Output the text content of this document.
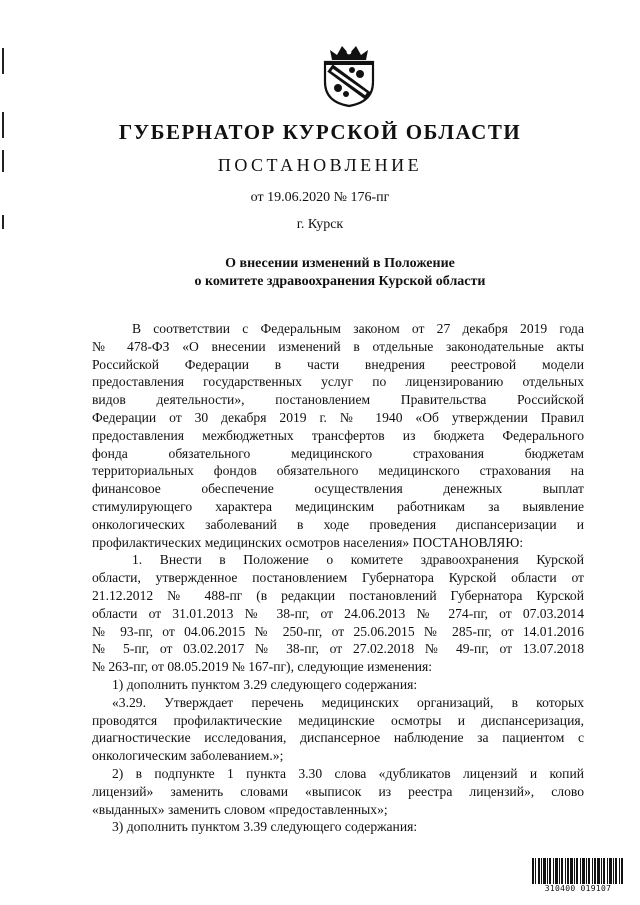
ГУБЕРНАТОР КУРСКОЙ ОБЛАСТИ
ПОСТАНОВЛЕНИЕ
от 19.06.2020 № 176-пг
г. Курск
О внесении изменений в Положение
о комитете здравоохранения Курской области
В соответствии с Федеральным законом от 27 декабря 2019 года
№ 478-ФЗ «О внесении изменений в отдельные законодательные акты
Российской Федерации в части внедрения реестровой модели
предоставления государственных услуг по лицензированию отдельных
видов деятельности», постановлением Правительства Российской
Федерации от 30 декабря 2019 г. № 1940 «Об утверждении Правил
предоставления межбюджетных трансфертов из бюджета Федерального
фонда обязательного медицинского страхования бюджетам
территориальных фондов обязательного медицинского страхования на
финансовое обеспечение осуществления денежных выплат
стимулирующего характера медицинским работникам за выявление
онкологических заболеваний в ходе проведения диспансеризации и
профилактических медицинских осмотров населения» ПОСТАНОВЛЯЮ:
1. Внести в Положение о комитете здравоохранения Курской
области, утвержденное постановлением Губернатора Курской области от
21.12.2012 № 488-пг (в редакции постановлений Губернатора Курской
области от 31.01.2013 № 38-пг, от 24.06.2013 № 274-пг, от 07.03.2014
№ 93-пг, от 04.06.2015 № 250-пг, от 25.06.2015 № 285-пг, от 14.01.2016
№ 5-пг, от 03.02.2017 № 38-пг, от 27.02.2018 № 49-пг, от 13.07.2018
№ 263-пг, от 08.05.2019 № 167-пг), следующие изменения:
1) дополнить пунктом 3.29 следующего содержания:
«3.29. Утверждает перечень медицинских организаций, в которых
проводятся профилактические медицинские осмотры и диспансеризация,
диагностические исследования, диспансерное наблюдение за пациентом с
онкологическим заболеванием.»;
2) в подпункте 1 пункта 3.30 слова «дубликатов лицензий и копий
лицензий» заменить словами «выписок из реестра лицензий», слово
«выданных» заменить словом «предоставленных»;
3) дополнить пунктом 3.39 следующего содержания:
310400 019107
